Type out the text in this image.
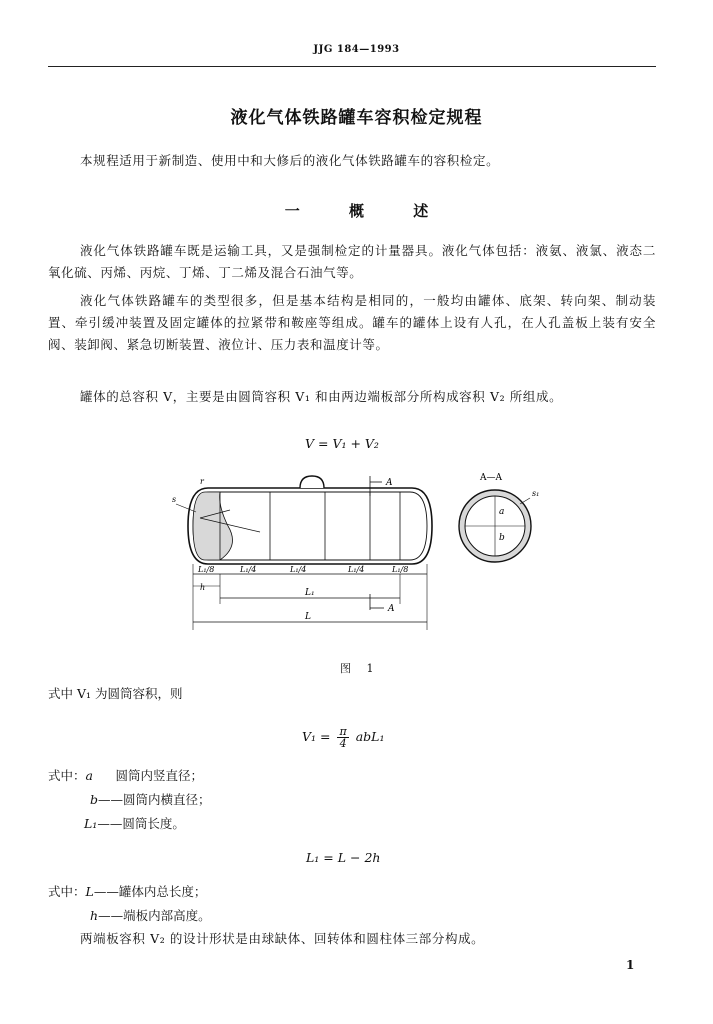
JJG 184—1993
液化气体铁路罐车容积检定规程
本规程适用于新制造、使用中和大修后的液化气体铁路罐车的容积检定。
一	概	述
液化气体铁路罐车既是运输工具，又是强制检定的计量器具。液化气体包括：液氨、液氯、液态二氧化硫、丙烯、丙烷、丁烯、丁二烯及混合石油气等。
液化气体铁路罐车的类型很多，但是基本结构是相同的，一般均由罐体、底架、转向架、制动装置、牵引缓冲装置及固定罐体的拉紧带和鞍座等组成。罐车的罐体上设有人孔，在人孔盖板上装有安全阀、装卸阀、紧急切断装置、液位计、压力表和温度计等。
罐体的总容积 V，主要是由圆筒容积 V₁ 和由两边端板部分所构成容积 V₂ 所组成。
V = V₁ + V₂
A
A
s
r
L₁/8	L₁/4	L₁/4	L₁/4	L₁/8
h
L₁
L
A—A
a
b
s₁
图 1
式中 V₁ 为圆筒容积，则
$V_1 = \frac{\pi}{4} abL_1$
式中：a 圆筒内竖直径；
b——圆筒内横直径；
L₁——圆筒长度。
L₁ = L − 2h
式中：L——罐体内总长度；
h——端板内部高度。
两端板容积 V₂ 的设计形状是由球缺体、回转体和圆柱体三部分构成。
1
